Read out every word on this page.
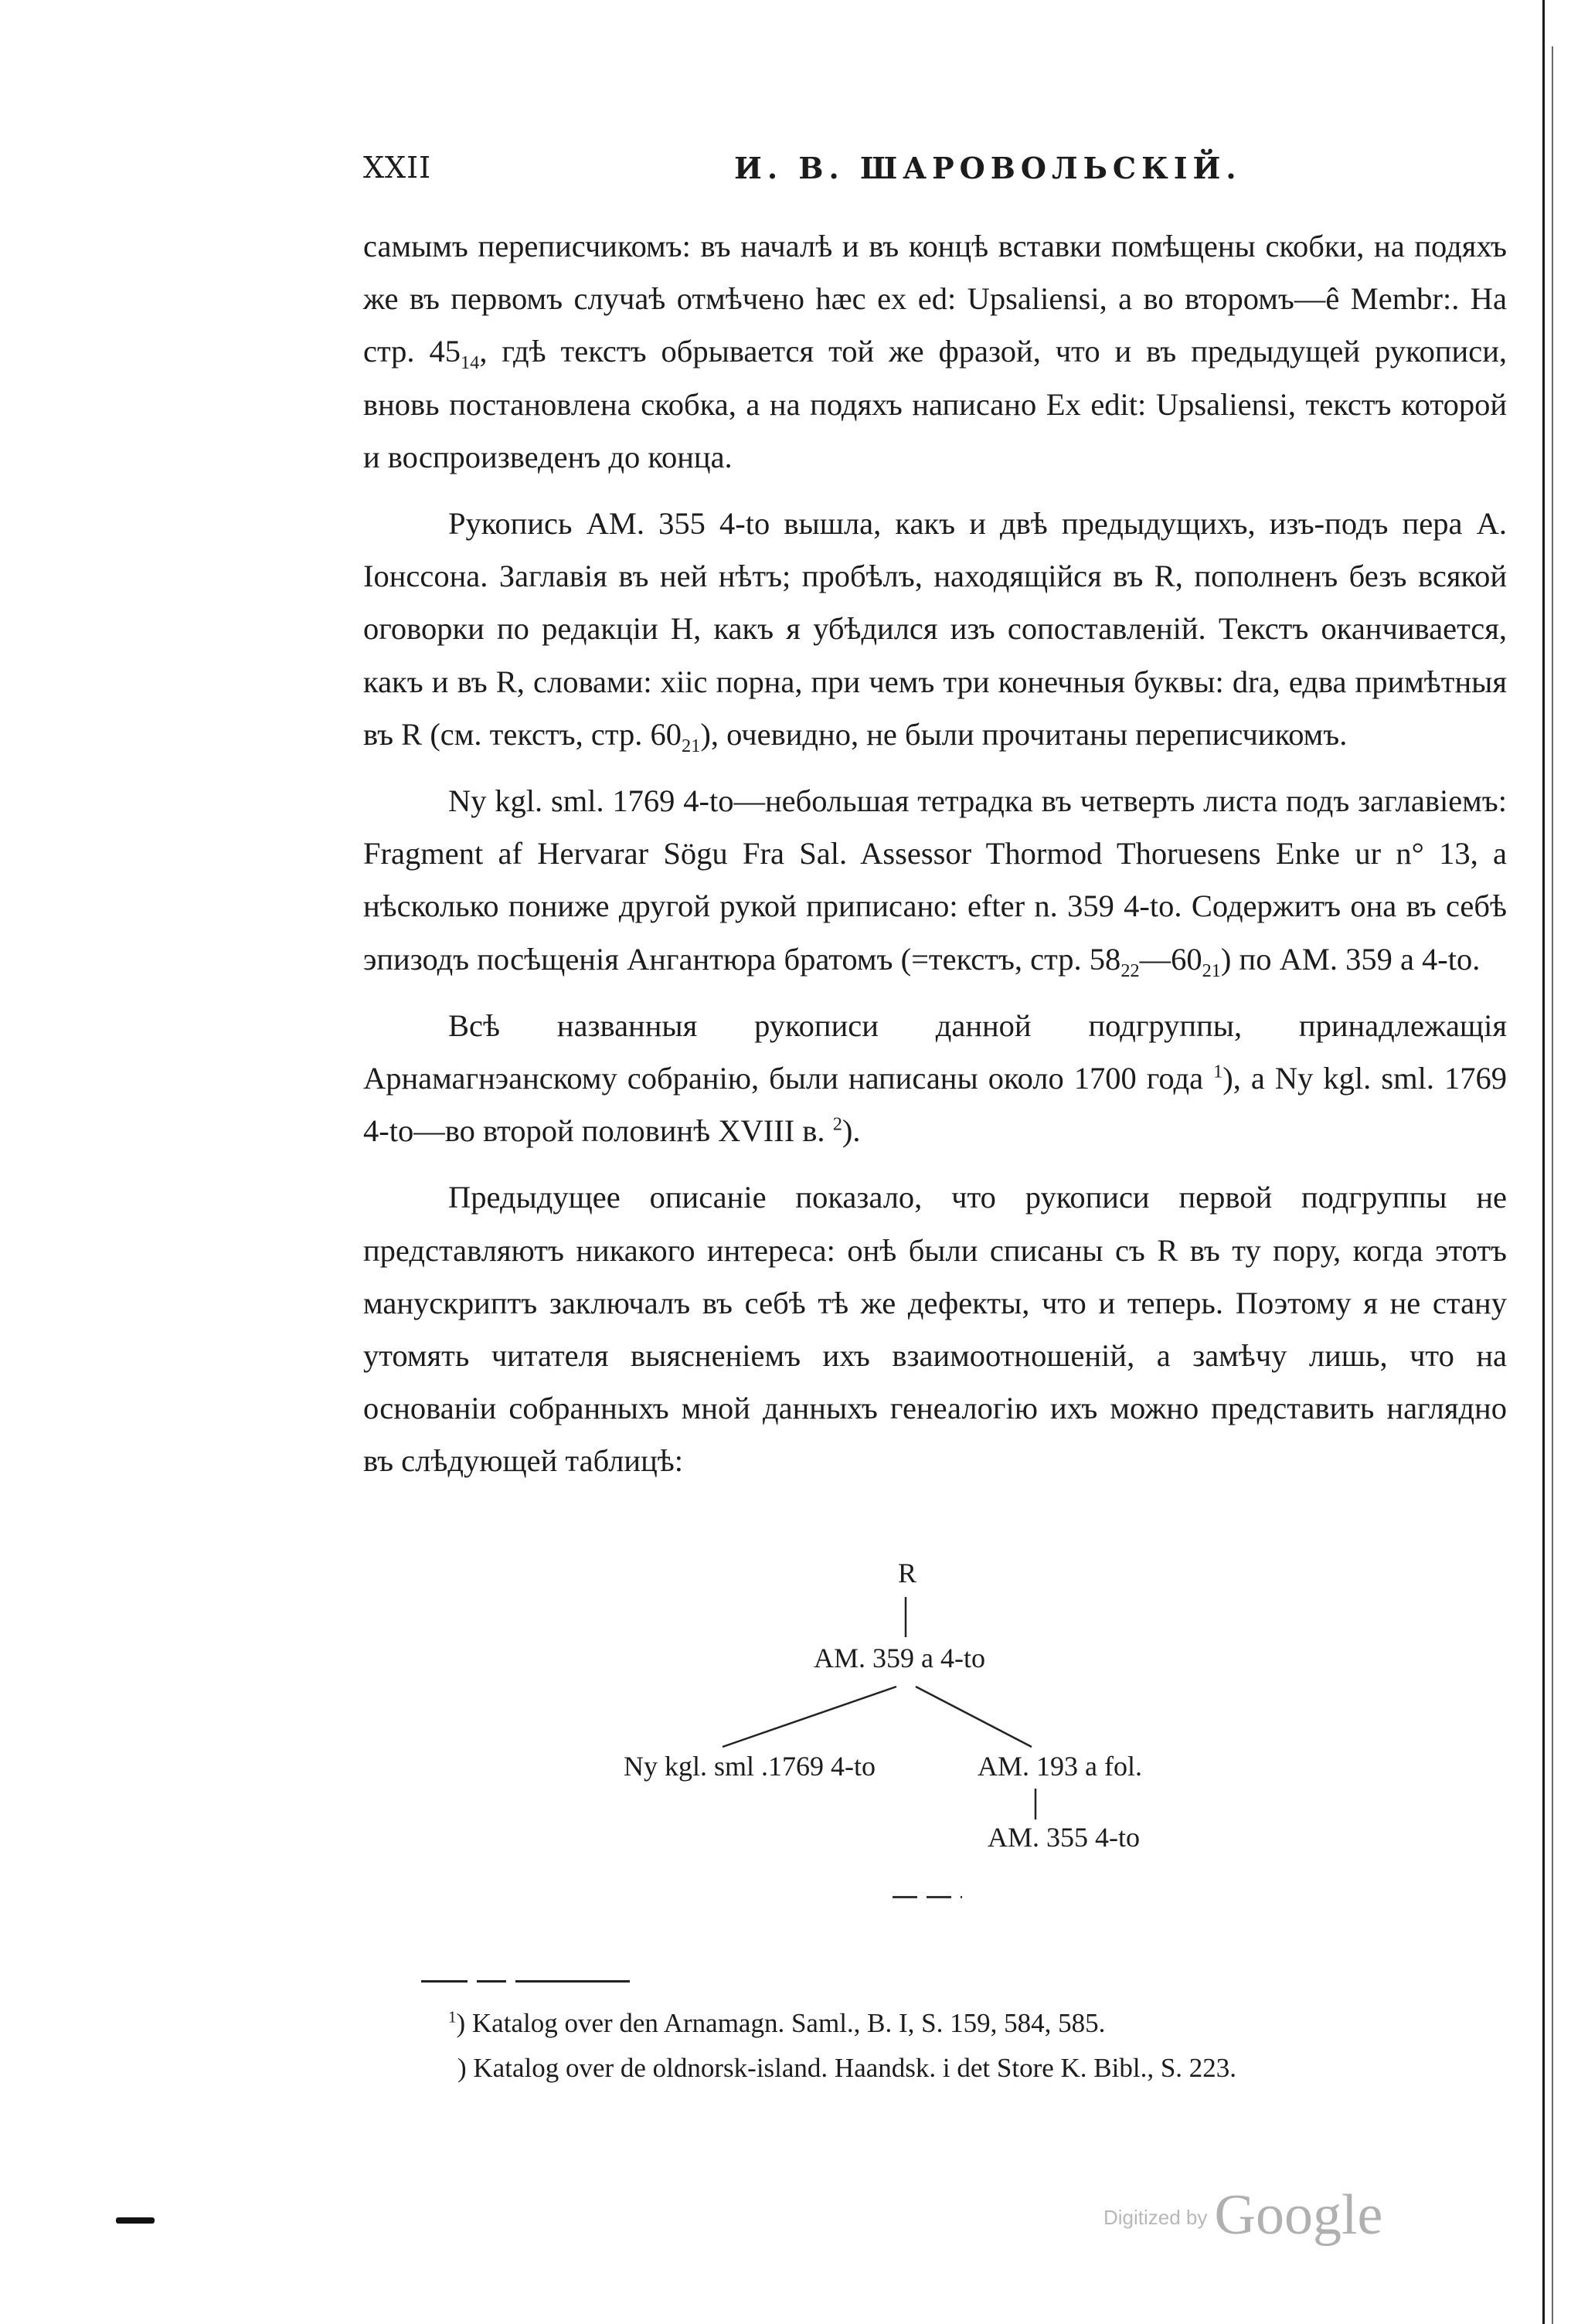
XXII	И. В. ШАРОВОЛЬСКІЙ.

самымъ переписчикомъ: въ началѣ и въ концѣ вставки помѣщены скобки, на подяхъ же въ первомъ случаѣ отмѣчено hæc ex ed: Upsaliensi, а во второмъ—ê Membr:. На стр. $45_{14}$, гдѣ текстъ обрывается той же фразой, что и въ предыдущей рукописи, вновь постановлена скобка, а на подяхъ написано Ex edit: Upsaliensi, текстъ которой и воспроизведенъ до конца.

Рукопись AM. 355 4-to вышла, какъ и двѣ предыдущихъ, изъ-подъ пера А. Іонссона. Заглавія въ ней нѣтъ; пробѣлъ, находящійся въ R, пополненъ безъ всякой оговорки по редакціи H, какъ я убѣдился изъ сопоставленій. Текстъ оканчивается, какъ и въ R, словами: xiic порна, при чемъ три конечныя буквы: dra, едва примѣтныя въ R (см. текстъ, стр. $60_{21}$), очевидно, не были прочитаны переписчикомъ.

Ny kgl. sml. 1769 4-to—небольшая тетрадка въ четверть листа подъ заглавіемъ: Fragment af Hervarar Sögu Fra Sal. Assessor Thormod Thoruesens Enke ur n° 13, а нѣсколько пониже другой рукой приписано: efter n. 359 4-to. Содержитъ она въ себѣ эпизодъ посѣщенія Ангантюра братомъ (=текстъ, стр. $58_{22}—60_{21}$) по AM. 359 a 4-to.

Всѣ названныя рукописи данной подгруппы, принадлежащія Арнамагнэанскому собранію, были написаны около 1700 года $^1$), а Ny kgl. sml. 1769 4-to—во второй половинѣ XVIII в. $^2$).

Предыдущее описаніе показало, что рукописи первой подгруппы не представляютъ никакого интереса: онѣ были списаны съ R въ ту пору, когда этотъ манускриптъ заключалъ въ себѣ тѣ же дефекты, что и теперь. Поэтому я не стану утомять читателя выясненіемъ ихъ взаимоотношеній, а замѣчу лишь, что на основаніи собранныхъ мной данныхъ генеалогію ихъ можно представить наглядно въ слѣдующей таблицѣ:

R
AM. 359 a 4-to
Ny kgl. sml .1769 4-to	AM. 193 a fol.
AM. 355 4-to
$^1$) Katalog over den Arnamagn. Saml., B. I, S. 159, 584, 585.
) Katalog over de oldnorsk-island. Haandsk. i det Store K. Bibl., S. 223.
Digitized by Google
